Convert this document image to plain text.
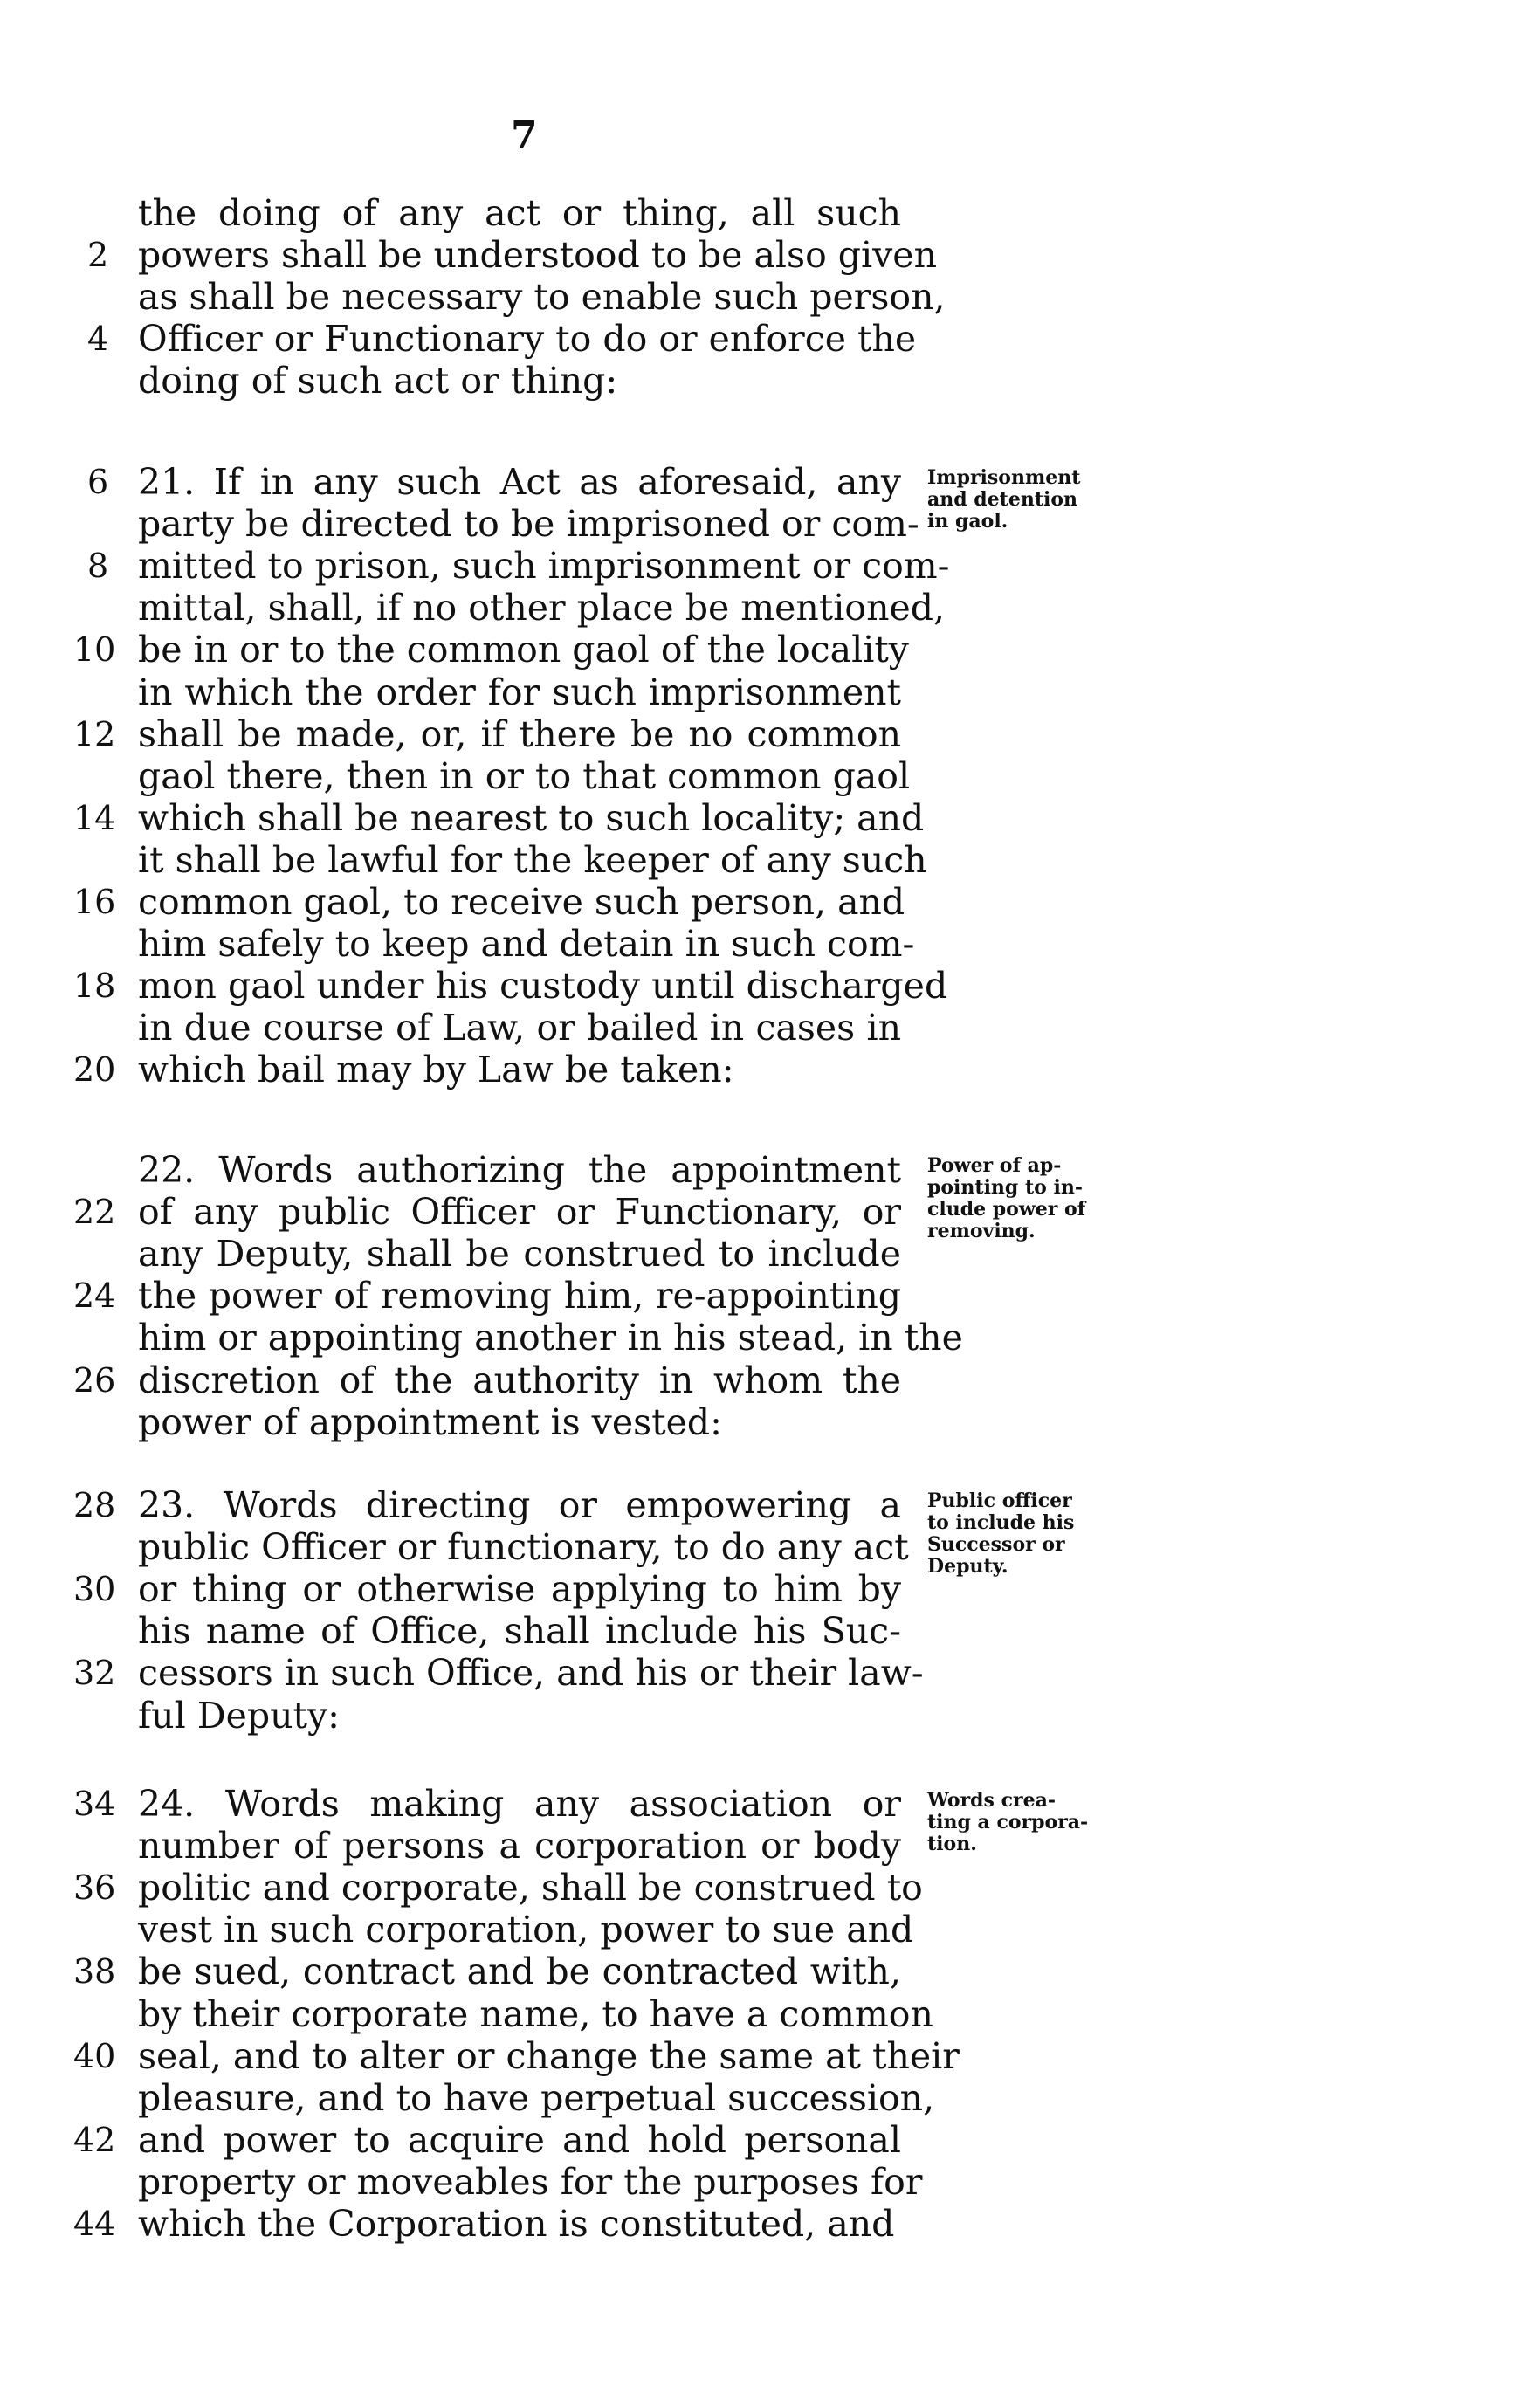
7
the doing of any act or thing, all such
2 powers shall be understood to be also given
as shall be necessary to enable such person,
4 Officer or Functionary to do or enforce the
doing of such act or thing:
6 21. If in any such Act as aforesaid, any
party be directed to be imprisoned or com-
8 mitted to prison, such imprisonment or com-
mittal, shall, if no other place be mentioned,
10 be in or to the common gaol of the locality
in which the order for such imprisonment
12 shall be made, or, if there be no common
gaol there, then in or to that common gaol
14 which shall be nearest to such locality; and
it shall be lawful for the keeper of any such
16 common gaol, to receive such person, and
him safely to keep and detain in such com-
18 mon gaol under his custody until discharged
in due course of Law, or bailed in cases in
20 which bail may by Law be taken:
Imprisonment
and detention
in gaol.
22. Words authorizing the appointment
22 of any public Officer or Functionary, or
any Deputy, shall be construed to include
24 the power of removing him, re-appointing
him or appointing another in his stead, in the
26 discretion of the authority in whom the
power of appointment is vested:
Power of ap-
pointing to in-
clude power of
removing.
28 23. Words directing or empowering a
public Officer or functionary, to do any act
30 or thing or otherwise applying to him by
his name of Office, shall include his Suc-
32 cessors in such Office, and his or their law-
ful Deputy:
Public officer
to include his
Successor or
Deputy.
34 24. Words making any association or
number of persons a corporation or body
36 politic and corporate, shall be construed to
vest in such corporation, power to sue and
38 be sued, contract and be contracted with,
by their corporate name, to have a common
40 seal, and to alter or change the same at their
pleasure, and to have perpetual succession,
42 and power to acquire and hold personal
property or moveables for the purposes for
44 which the Corporation is constituted, and
Words crea-
ting a corpora-
tion.
